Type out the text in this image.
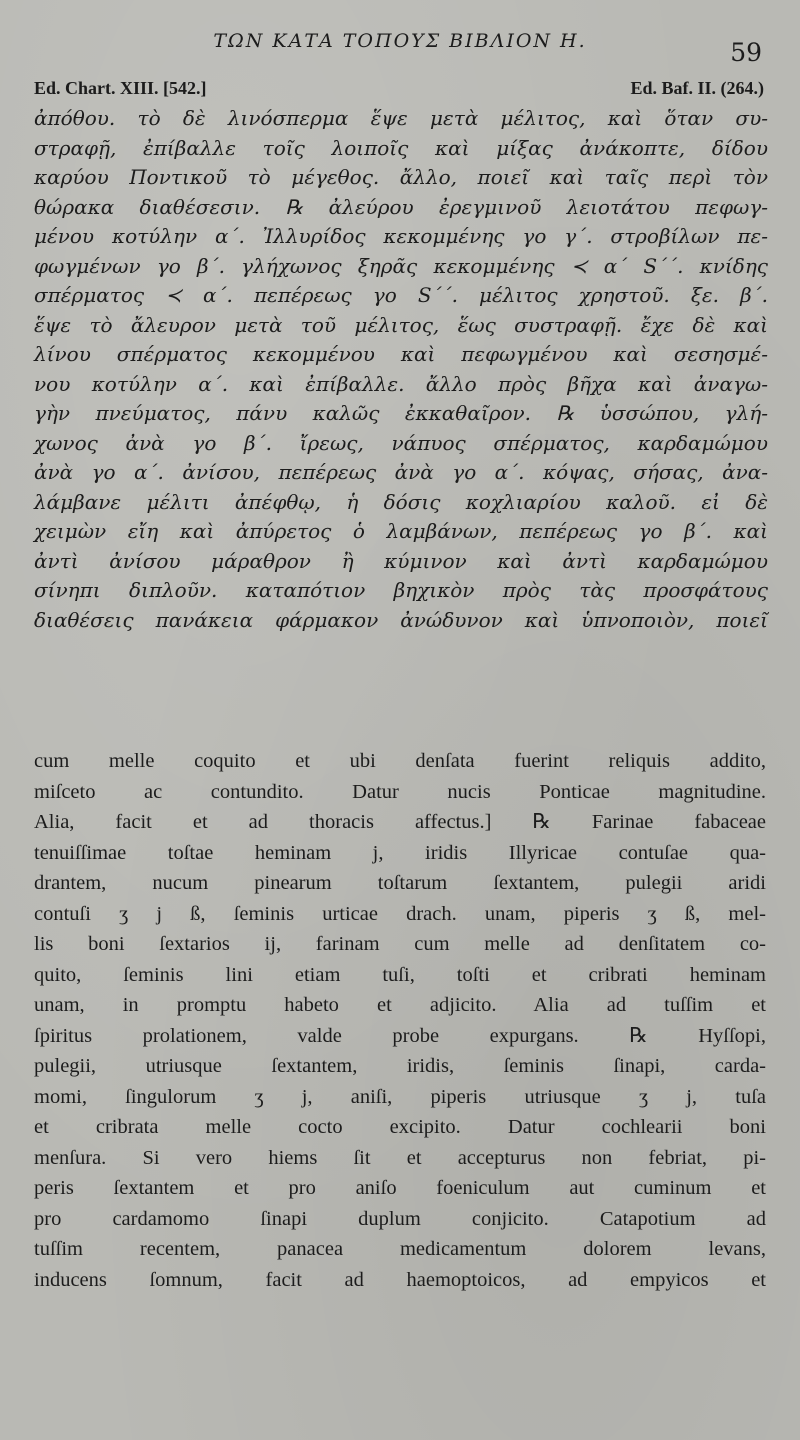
ΤΩΝ ΚΑΤΑ ΤΟΠΟΥΣ ΒΙΒΛΙΟΝ Η.	59
Ed. Chart. XIII. [542.]	Ed. Baf. II. (264.)
ἀπόθου. τὸ δὲ λινόσπερμα ἕψε μετὰ μέλιτος, καὶ ὅταν συ-
στραφῇ, ἐπίβαλλε τοῖς λοιποῖς καὶ μίξας ἀνάκοπτε, δίδου
καρύου Ποντικοῦ τὸ μέγεθος. ἄλλο, ποιεῖ καὶ ταῖς περὶ τὸν
θώρακα διαθέσεσιν. ℞ ἀλεύρου ἐρεγμινοῦ λειοτάτου πεφωγ-
μένου κοτύλην α΄. Ἰλλυρίδος κεκομμένης γο γ΄. στροβίλων πε-
φωγμένων γο β΄. γλήχωνος ξηρᾶς κεκομμένης ≺ α΄ S΄΄. κνίδης
σπέρματος ≺ α΄. πεπέρεως γο S΄΄. μέλιτος χρηστοῦ. ξε. β΄.
ἕψε τὸ ἄλευρον μετὰ τοῦ μέλιτος, ἕως συστραφῇ. ἔχε δὲ καὶ
λίνου σπέρματος κεκομμένου καὶ πεφωγμένου καὶ σεσησμέ-
νου κοτύλην α΄. καὶ ἐπίβαλλε. ἄλλο πρὸς βῆχα καὶ ἀναγω-
γὴν πνεύματος, πάνυ καλῶς ἐκκαθαῖρον. ℞ ὑσσώπου, γλή-
χωνος ἀνὰ γο β΄. ἴρεως, νάπυος σπέρματος, καρδαμώμου
ἀνὰ γο α΄. ἀνίσου, πεπέρεως ἀνὰ γο α΄. κόψας, σήσας, ἀνα-
λάμβανε μέλιτι ἀπέφθῳ, ἡ δόσις κοχλιαρίου καλοῦ. εἰ δὲ
χειμὼν εἴη καὶ ἀπύρετος ὁ λαμβάνων, πεπέρεως γο β΄. καὶ
ἀντὶ ἀνίσου μάραθρον ἢ κύμινον καὶ ἀντὶ καρδαμώμου
σίνηπι διπλοῦν. καταπότιον βηχικὸν πρὸς τὰς προσφάτους
διαθέσεις πανάκεια φάρμακον ἀνώδυνον καὶ ὑπνοποιὸν, ποιεῖ
cum melle coquito et ubi denſata fuerint reliquis addito,
miſceto ac contundito. Datur nucis Ponticae magnitudine.
Alia, facit et ad thoracis affectus.] ℞ Farinae fabaceae
tenuiſſimae toſtae heminam j, iridis Illyricae contuſae qua-
drantem, nucum pinearum toſtarum ſextantem, pulegii aridi
contuſi ʒ j ß, ſeminis urticae drach. unam, piperis ʒ ß, mel-
lis boni ſextarios ij, farinam cum melle ad denſitatem co-
quito, ſeminis lini etiam tuſi, toſti et cribrati heminam
unam, in promptu habeto et adjicito. Alia ad tuſſim et
ſpiritus prolationem, valde probe expurgans. ℞ Hyſſopi,
pulegii, utriusque ſextantem, iridis, ſeminis ſinapi, carda-
momi, ſingulorum ʒ j, aniſi, piperis utriusque ʒ j, tuſa
et cribrata melle cocto excipito. Datur cochlearii boni
menſura. Si vero hiems ſit et accepturus non febriat, pi-
peris ſextantem et pro aniſo foeniculum aut cuminum et
pro cardamomo ſinapi duplum conjicito. Catapotium ad
tuſſim recentem, panacea medicamentum dolorem levans,
inducens ſomnum, facit ad haemoptoicos, ad empyicos et
